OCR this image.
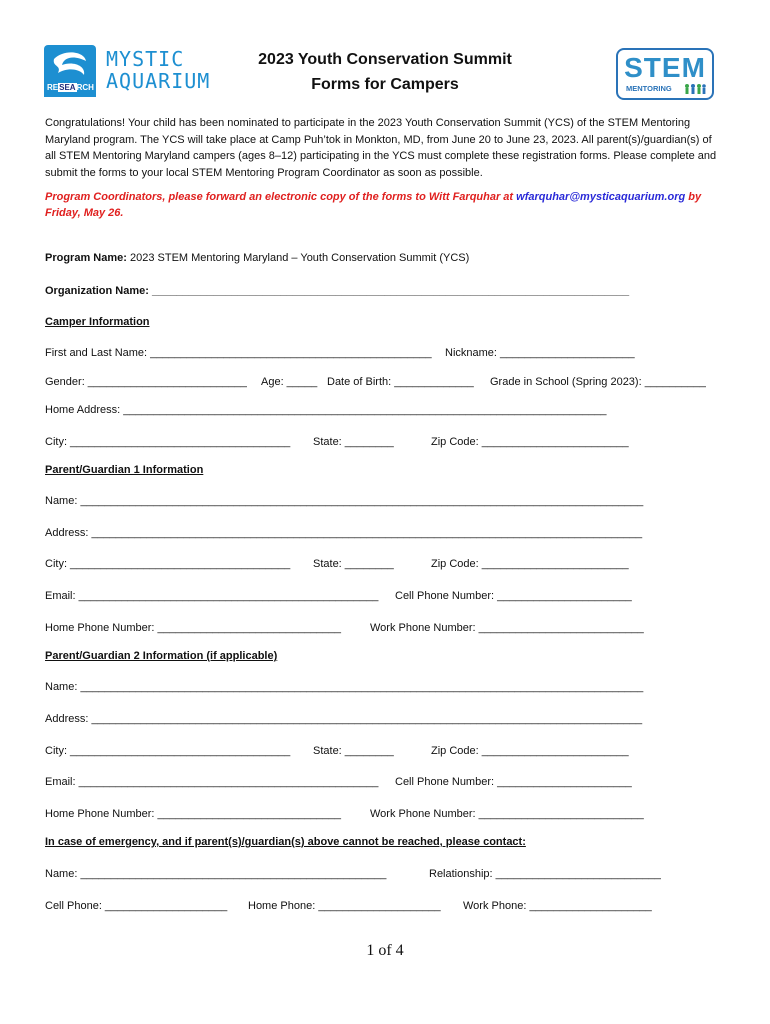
RESEARCH
MYSTIC
AQUARIUM	STEM
MENTORING
2023 Youth Conservation Summit
Forms for Campers
Congratulations! Your child has been nominated to participate in the 2023 Youth Conservation Summit (YCS) of the STEM Mentoring Maryland program. The YCS will take place at Camp Puh’tok in Monkton, MD, from June 20 to June 23, 2023. All parent(s)/guardian(s) of all STEM Mentoring Maryland campers (ages 8–12) participating in the YCS must complete these registration forms. Please complete and submit the forms to your local STEM Mentoring Program Coordinator as soon as possible.
Program Coordinators, please forward an electronic copy of the forms to Witt Farquhar at wfarquhar@mysticaquarium.org by Friday, May 26.
Program Name: 2023 STEM Mentoring Maryland – Youth Conservation Summit (YCS)
Organization Name: ______________________________________________________________________________
Camper Information
First and Last Name: ______________________________________________ Nickname: ______________________
Gender: __________________________ Age: _____ Date of Birth: _____________ Grade in School (Spring 2023): __________
Home Address: _______________________________________________________________________________
City: ____________________________________ State: ________	Zip Code: ________________________
Parent/Guardian 1 Information
Name: ____________________________________________________________________________________________
Address: __________________________________________________________________________________________
City: ____________________________________ State: ________	Zip Code: ________________________
Email: _________________________________________________ Cell Phone Number: ______________________
Home Phone Number: ______________________________	Work Phone Number: ___________________________
Parent/Guardian 2 Information (if applicable)
Name: ____________________________________________________________________________________________
Address: __________________________________________________________________________________________
City: ____________________________________ State: ________	Zip Code: ________________________
Email: _________________________________________________ Cell Phone Number: ______________________
Home Phone Number: ______________________________	Work Phone Number: ___________________________
In case of emergency, and if parent(s)/guardian(s) above cannot be reached, please contact:
Name: __________________________________________________	Relationship: ___________________________
Cell Phone: ____________________ Home Phone: ____________________ Work Phone: ____________________
1 of 4
